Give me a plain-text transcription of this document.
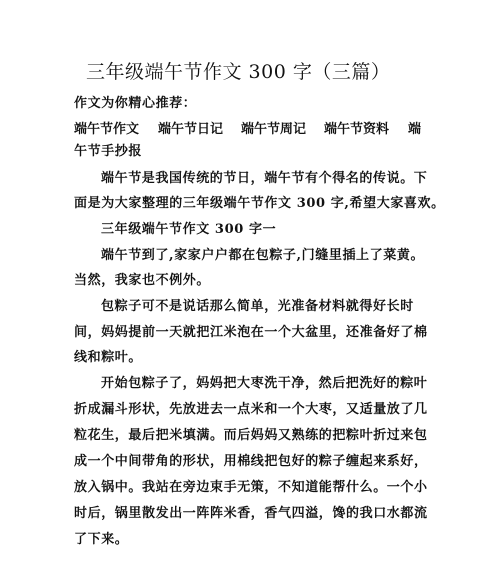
三年级端午节作文 300 字（三篇）
作文为你精心推荐：
端午节作文 端午节日记 端午节周记 端午节资料 端
午节手抄报
端午节是我国传统的节日，端午节有个得名的传说。下
面是为大家整理的三年级端午节作文 300 字,希望大家喜欢。
三年级端午节作文 300 字一
端午节到了,家家户户都在包粽子,门缝里插上了菜黄。
当然，我家也不例外。
包粽子可不是说话那么简单，光准备材料就得好长时
间，妈妈提前一天就把江米泡在一个大盆里，还准备好了棉
线和粽叶。
开始包粽子了，妈妈把大枣洗干净，然后把洗好的粽叶
折成漏斗形状，先放进去一点米和一个大枣，又适量放了几
粒花生，最后把米填满。而后妈妈又熟练的把粽叶折过来包
成一个中间带角的形状，用棉线把包好的粽子缠起来系好，
放入锅中。我站在旁边束手无策，不知道能帮什么。一个小
时后，锅里散发出一阵阵米香，香气四溢，馋的我口水都流
了下来。
